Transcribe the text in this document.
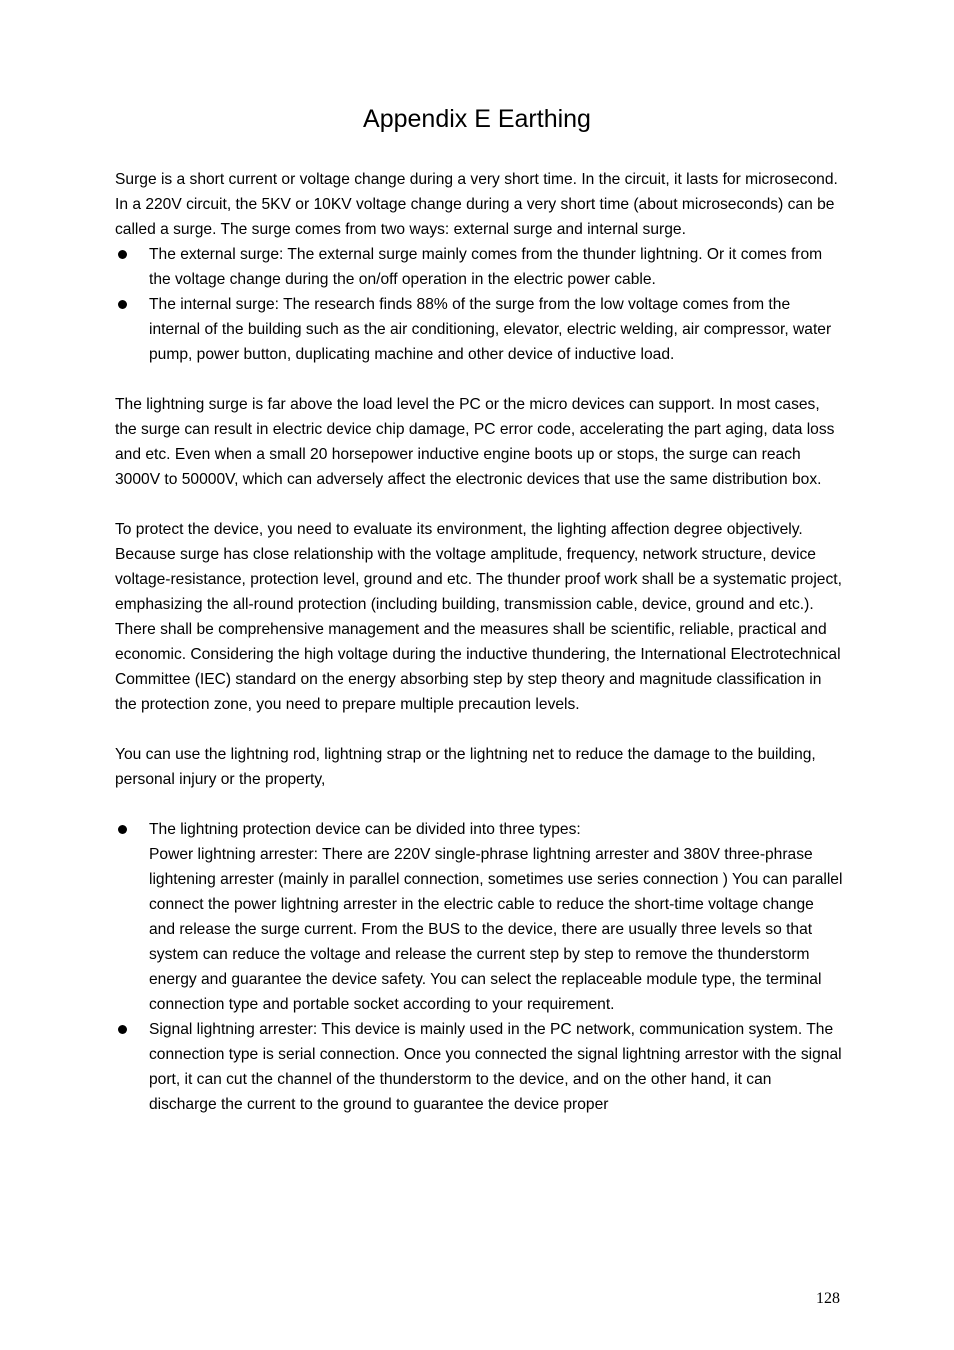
Appendix E Earthing

Surge is a short current or voltage change during a very short time. In the circuit, it lasts for microsecond. In a 220V circuit, the 5KV or 10KV voltage change during a very short time (about microseconds) can be called a surge. The surge comes from two ways: external surge and internal surge.

The external surge: The external surge mainly comes from the thunder lightning. Or it comes from the voltage change during the on/off operation in the electric power cable.
The internal surge: The research finds 88% of the surge from the low voltage comes from the internal of the building such as the air conditioning, elevator, electric welding, air compressor, water pump, power button, duplicating machine and other device of inductive load.

The lightning surge is far above the load level the PC or the micro devices can support. In most cases, the surge can result in electric device chip damage, PC error code, accelerating the part aging, data loss and etc. Even when a small 20 horsepower inductive engine boots up or stops, the surge can reach 3000V to 50000V, which can adversely affect the electronic devices that use the same distribution box.

To protect the device, you need to evaluate its environment, the lighting affection degree objectively. Because surge has close relationship with the voltage amplitude, frequency, network structure, device voltage-resistance, protection level, ground and etc. The thunder proof work shall be a systematic project, emphasizing the all-round protection (including building, transmission cable, device, ground and etc.). There shall be comprehensive management and the measures shall be scientific, reliable, practical and economic. Considering the high voltage during the inductive thundering, the International Electrotechnical Committee (IEC) standard on the energy absorbing step by step theory and magnitude classification in the protection zone, you need to prepare multiple precaution levels.

You can use the lightning rod, lightning strap or the lightning net to reduce the damage to the building, personal injury or the property,

The lightning protection device can be divided into three types:
Power lightning arrester: There are 220V single-phrase lightning arrester and 380V three-phrase lightening arrester (mainly in parallel connection, sometimes use series connection ) You can parallel connect the power lightning arrester in the electric cable to reduce the short-time voltage change and release the surge current. From the BUS to the device, there are usually three levels so that system can reduce the voltage and release the current step by step to remove the thunderstorm energy and guarantee the device safety. You can select the replaceable module type, the terminal connection type and portable socket according to your requirement.
Signal lightning arrester: This device is mainly used in the PC network, communication system. The connection type is serial connection. Once you connected the signal lightning arrestor with the signal port, it can cut the channel of the thunderstorm to the device, and on the other hand, it can discharge the current to the ground to guarantee the device proper
128
